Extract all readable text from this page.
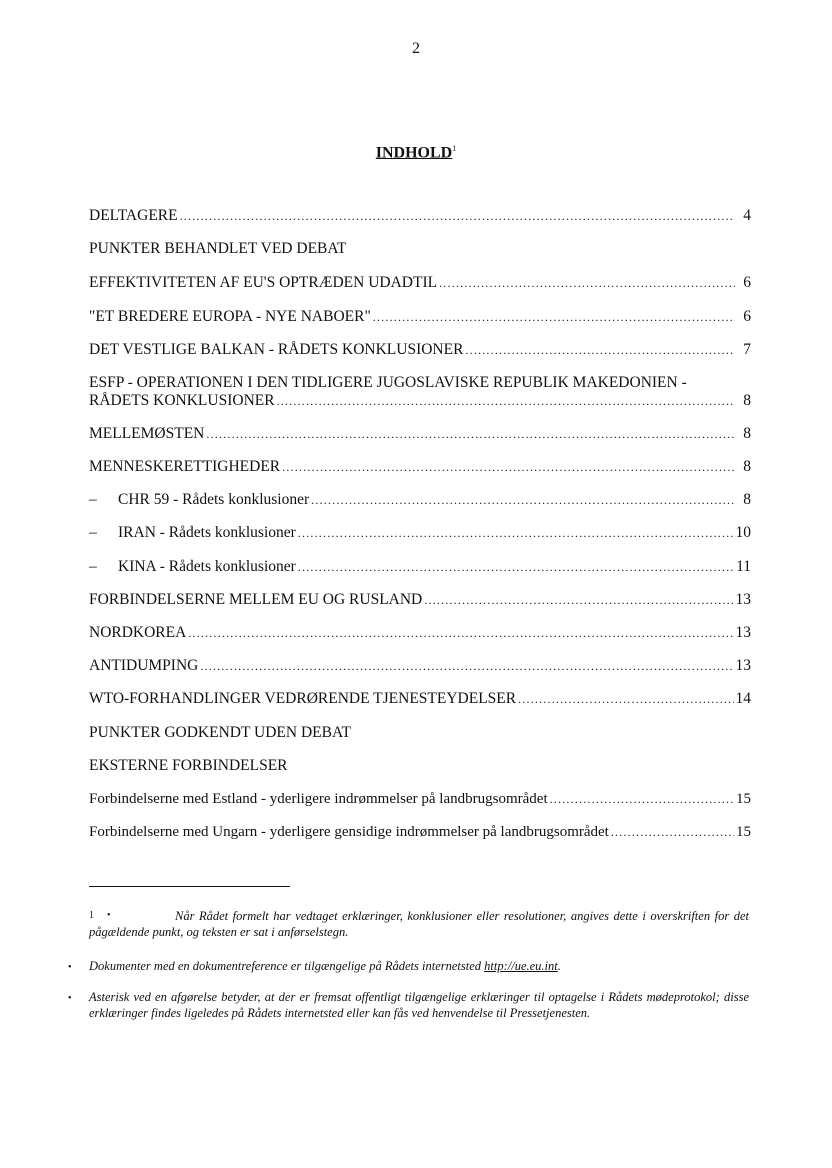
2
INDHOLD$^1$
DELTAGERE .....	4
PUNKTER BEHANDLET VED DEBAT
EFFEKTIVITETEN AF EU'S OPTRÆDEN UDADTIL .....	6
"ET BREDERE EUROPA - NYE NABOER" .....	6
DET VESTLIGE BALKAN - RÅDETS KONKLUSIONER .....	7
ESFP - OPERATIONEN I DEN TIDLIGERE JUGOSLAVISKE REPUBLIK MAKEDONIEN -
RÅDETS KONKLUSIONER .....	8
MELLEMØSTEN .....	8
MENNESKERETTIGHEDER .....	8
–	CHR 59 - Rådets konklusioner .....	8
–	IRAN - Rådets konklusioner .....	10
–	KINA - Rådets konklusioner .....	11
FORBINDELSERNE MELLEM EU OG RUSLAND .....	13
NORDKOREA .....	13
ANTIDUMPING .....	13
WTO-FORHANDLINGER VEDRØRENDE TJENESTEYDELSER .....	14
PUNKTER GODKENDT UDEN DEBAT
EKSTERNE FORBINDELSER
Forbindelserne med Estland - yderligere indrømmelser på landbrugsområdet .....	15
Forbindelserne med Ungarn - yderligere gensidige indrømmelser på landbrugsområdet .....	15
1 •	Når Rådet formelt har vedtaget erklæringer, konklusioner eller resolutioner, angives dette i overskriften for det pågældende punkt, og teksten er sat i anførselstegn.
• Dokumenter med en dokumentreference er tilgængelige på Rådets internetsted http://ue.eu.int.
• Asterisk ved en afgørelse betyder, at der er fremsat offentligt tilgængelige erklæringer til optagelse i Rådets mødeprotokol; disse erklæringer findes ligeledes på Rådets internetsted eller kan fås ved henvendelse til Pressetjenesten.
